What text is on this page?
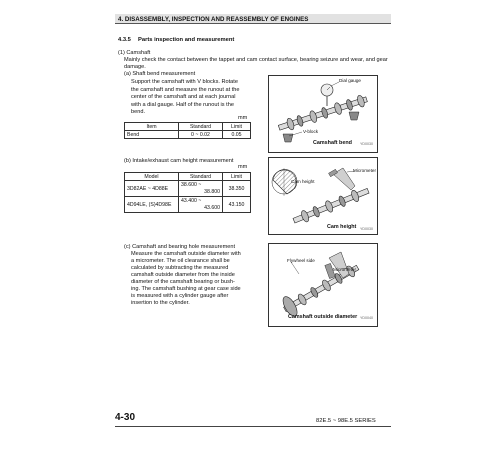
4. DISASSEMBLY, INSPECTION AND REASSEMBLY OF ENGINES
4.3.5 Parts inspection and measurement
(1) Camshaft
Mainly check the contact between the tappet and cam contact surface, bearing seizure and wear, and gear
damage.
(a) Shaft bend measurement
Support the camshaft with V blocks. Rotate
the camshaft and measure the runout at the
center of the camshaft and at each journal
with a dial gauge. Half of the runout is the
bend.
mm
Item	Standard	Limit
Bend	0 ~ 0.02	0.05
Dial gauge
V-block
Camshaft bend YD0030
(b) Intake/exhaust cam height measurement
mm
Model	Standard	Limit
3D82AE ~ 4D88E	38.600 ~
38.800	38.350
4D94LE, (S)4D98E	43.400 ~
43.600	43.150
Cam height
Micrometer
Cam height YD0030
(c) Camshaft and bearing hole measurement
Measure the camshaft outside diameter with
a micrometer. The oil clearance shall be
calculated by subtracting the measured
camshaft outside diameter from the inside
diameter of the camshaft bearing or bush-
ing. The camshaft bushing at gear case side
is measured with a cylinder gauge after
insertion to the cylinder.
Flywheel side
Micrometer
Camshaft outside diameter YD0040
4-30	82E.5 ~ 98E.5 SERIES
